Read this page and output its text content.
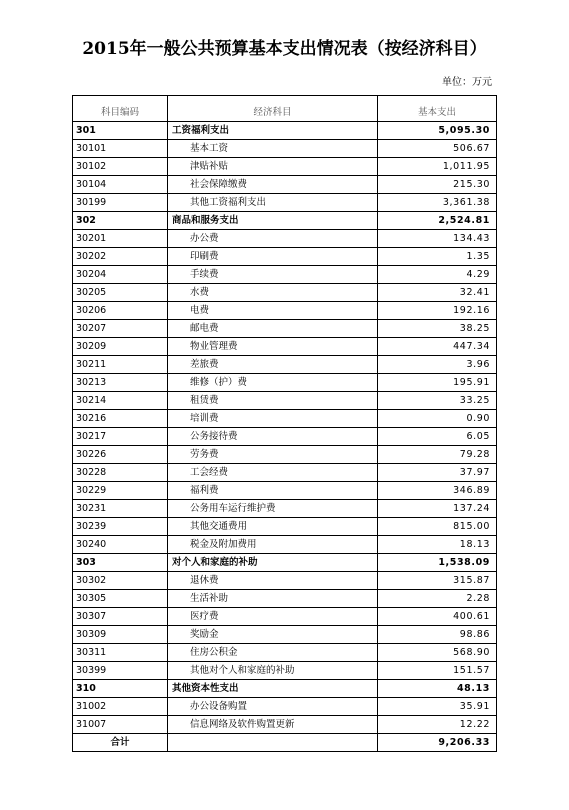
2015年一般公共预算基本支出情况表（按经济科目）
单位：万元
科目编码	经济科目	基本支出
301	工资福利支出	5,095.30
30101	基本工资	506.67
30102	津贴补贴	1,011.95
30104	社会保障缴费	215.30
30199	其他工资福利支出	3,361.38
302	商品和服务支出	2,524.81
30201	办公费	134.43
30202	印刷费	1.35
30204	手续费	4.29
30205	水费	32.41
30206	电费	192.16
30207	邮电费	38.25
30209	物业管理费	447.34
30211	差旅费	3.96
30213	维修（护）费	195.91
30214	租赁费	33.25
30216	培训费	0.90
30217	公务接待费	6.05
30226	劳务费	79.28
30228	工会经费	37.97
30229	福利费	346.89
30231	公务用车运行维护费	137.24
30239	其他交通费用	815.00
30240	税金及附加费用	18.13
303	对个人和家庭的补助	1,538.09
30302	退休费	315.87
30305	生活补助	2.28
30307	医疗费	400.61
30309	奖励金	98.86
30311	住房公积金	568.90
30399	其他对个人和家庭的补助	151.57
310	其他资本性支出	48.13
31002	办公设备购置	35.91
31007	信息网络及软件购置更新	12.22
合计		9,206.33
